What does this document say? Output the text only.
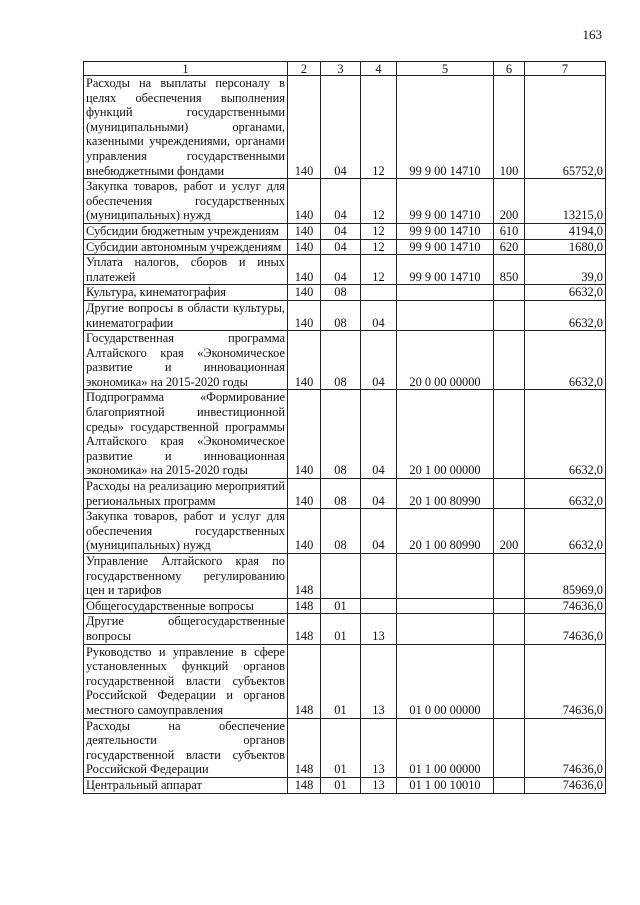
163
1	2	3	4	5	6	7
Расходы на выплаты персоналу в целях обеспечения выполнения функций государственными (муниципальными) органами, казенными учреждениями, органами управления государственными внебюджетными фондами	140	04	12	99 9 00 14710	100	65752,0
Закупка товаров, работ и услуг для обеспечения государственных (муниципальных) нужд	140	04	12	99 9 00 14710	200	13215,0
Субсидии бюджетным учреждениям	140	04	12	99 9 00 14710	610	4194,0
Субсидии автономным учреждениям	140	04	12	99 9 00 14710	620	1680,0
Уплата налогов, сборов и иных платежей	140	04	12	99 9 00 14710	850	39,0
Культура, кинематография	140	08				6632,0
Другие вопросы в области культуры, кинематографии	140	08	04			6632,0
Государственная программа Алтайского края «Экономическое развитие и инновационная экономика» на 2015-2020 годы	140	08	04	20 0 00 00000		6632,0
Подпрограмма «Формирование благоприятной инвестиционной среды» государственной программы Алтайского края «Экономическое развитие и инновационная экономика» на 2015-2020 годы	140	08	04	20 1 00 00000		6632,0
Расходы на реализацию мероприятий региональных программ	140	08	04	20 1 00 80990		6632,0
Закупка товаров, работ и услуг для обеспечения государственных (муниципальных) нужд	140	08	04	20 1 00 80990	200	6632,0
Управление Алтайского края по государственному регулированию цен и тарифов	148					85969,0
Общегосударственные вопросы	148	01				74636,0
Другие общегосударственные вопросы	148	01	13			74636,0
Руководство и управление в сфере установленных функций органов государственной власти субъектов Российской Федерации и органов местного самоуправления	148	01	13	01 0 00 00000		74636,0
Расходы на обеспечение деятельности органов государственной власти субъектов Российской Федерации	148	01	13	01 1 00 00000		74636,0
Центральный аппарат	148	01	13	01 1 00 10010		74636,0
